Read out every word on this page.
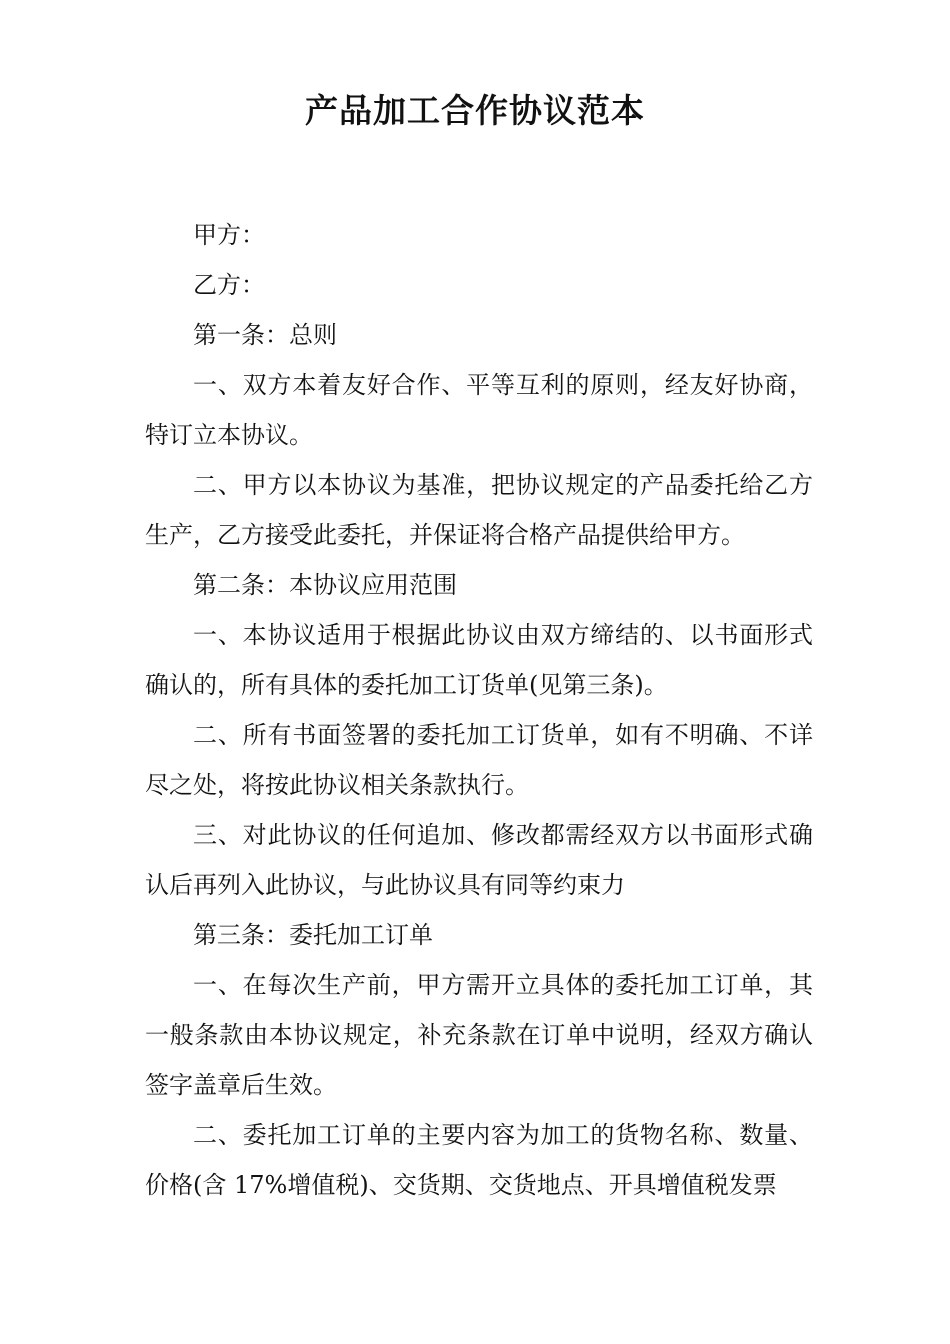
产品加工合作协议范本

甲方：

乙方：

第一条：总则

一、双方本着友好合作、平等互利的原则，经友好协商，特订立本协议。

二、甲方以本协议为基准，把协议规定的产品委托给乙方生产，乙方接受此委托，并保证将合格产品提供给甲方。

第二条：本协议应用范围

一、本协议适用于根据此协议由双方缔结的、以书面形式确认的，所有具体的委托加工订货单(见第三条)。

二、所有书面签署的委托加工订货单，如有不明确、不详尽之处，将按此协议相关条款执行。

三、对此协议的任何追加、修改都需经双方以书面形式确认后再列入此协议，与此协议具有同等约束力

第三条：委托加工订单

一、在每次生产前，甲方需开立具体的委托加工订单，其一般条款由本协议规定，补充条款在订单中说明，经双方确认签字盖章后生效。

二、委托加工订单的主要内容为加工的货物名称、数量、价格(含 17%增值税)、交货期、交货地点、开具增值税发票
